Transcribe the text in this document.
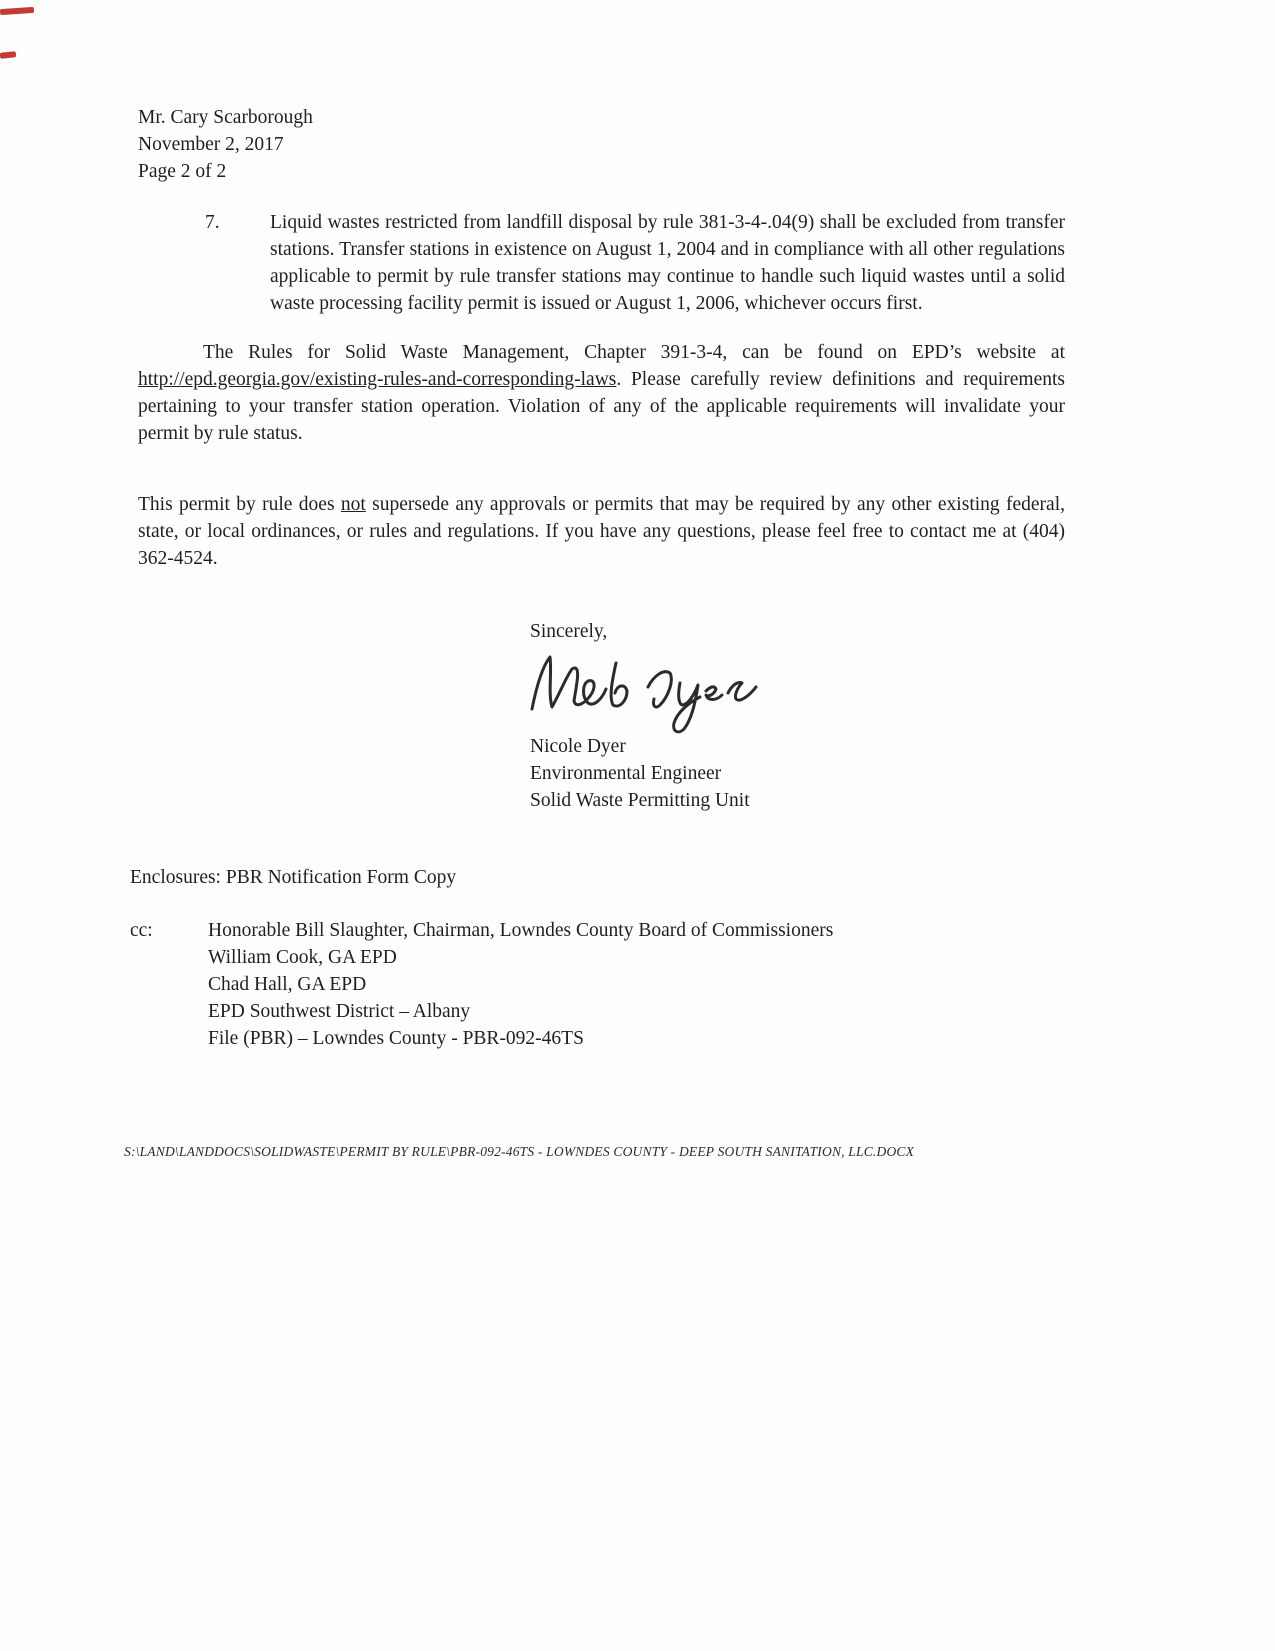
Mr. Cary Scarborough
November 2, 2017
Page 2 of 2
7.	Liquid wastes restricted from landfill disposal by rule 381-3-4-.04(9) shall be excluded from transfer stations. Transfer stations in existence on August 1, 2004 and in compliance with all other regulations applicable to permit by rule transfer stations may continue to handle such liquid wastes until a solid waste processing facility permit is issued or August 1, 2006, whichever occurs first.
The Rules for Solid Waste Management, Chapter 391-3-4, can be found on EPD’s website at http://epd.georgia.gov/existing-rules-and-corresponding-laws. Please carefully review definitions and requirements pertaining to your transfer station operation. Violation of any of the applicable requirements will invalidate your permit by rule status.
This permit by rule does not supersede any approvals or permits that may be required by any other existing federal, state, or local ordinances, or rules and regulations. If you have any questions, please feel free to contact me at (404) 362-4524.
Sincerely,
Nicole Dyer
Environmental Engineer
Solid Waste Permitting Unit
Enclosures: PBR Notification Form Copy
cc:	Honorable Bill Slaughter, Chairman, Lowndes County Board of Commissioners
William Cook, GA EPD
Chad Hall, GA EPD
EPD Southwest District – Albany
File (PBR) – Lowndes County - PBR-092-46TS
S:\LAND\LANDDOCS\SOLIDWASTE\PERMIT BY RULE\PBR-092-46TS - LOWNDES COUNTY - DEEP SOUTH SANITATION, LLC.DOCX
